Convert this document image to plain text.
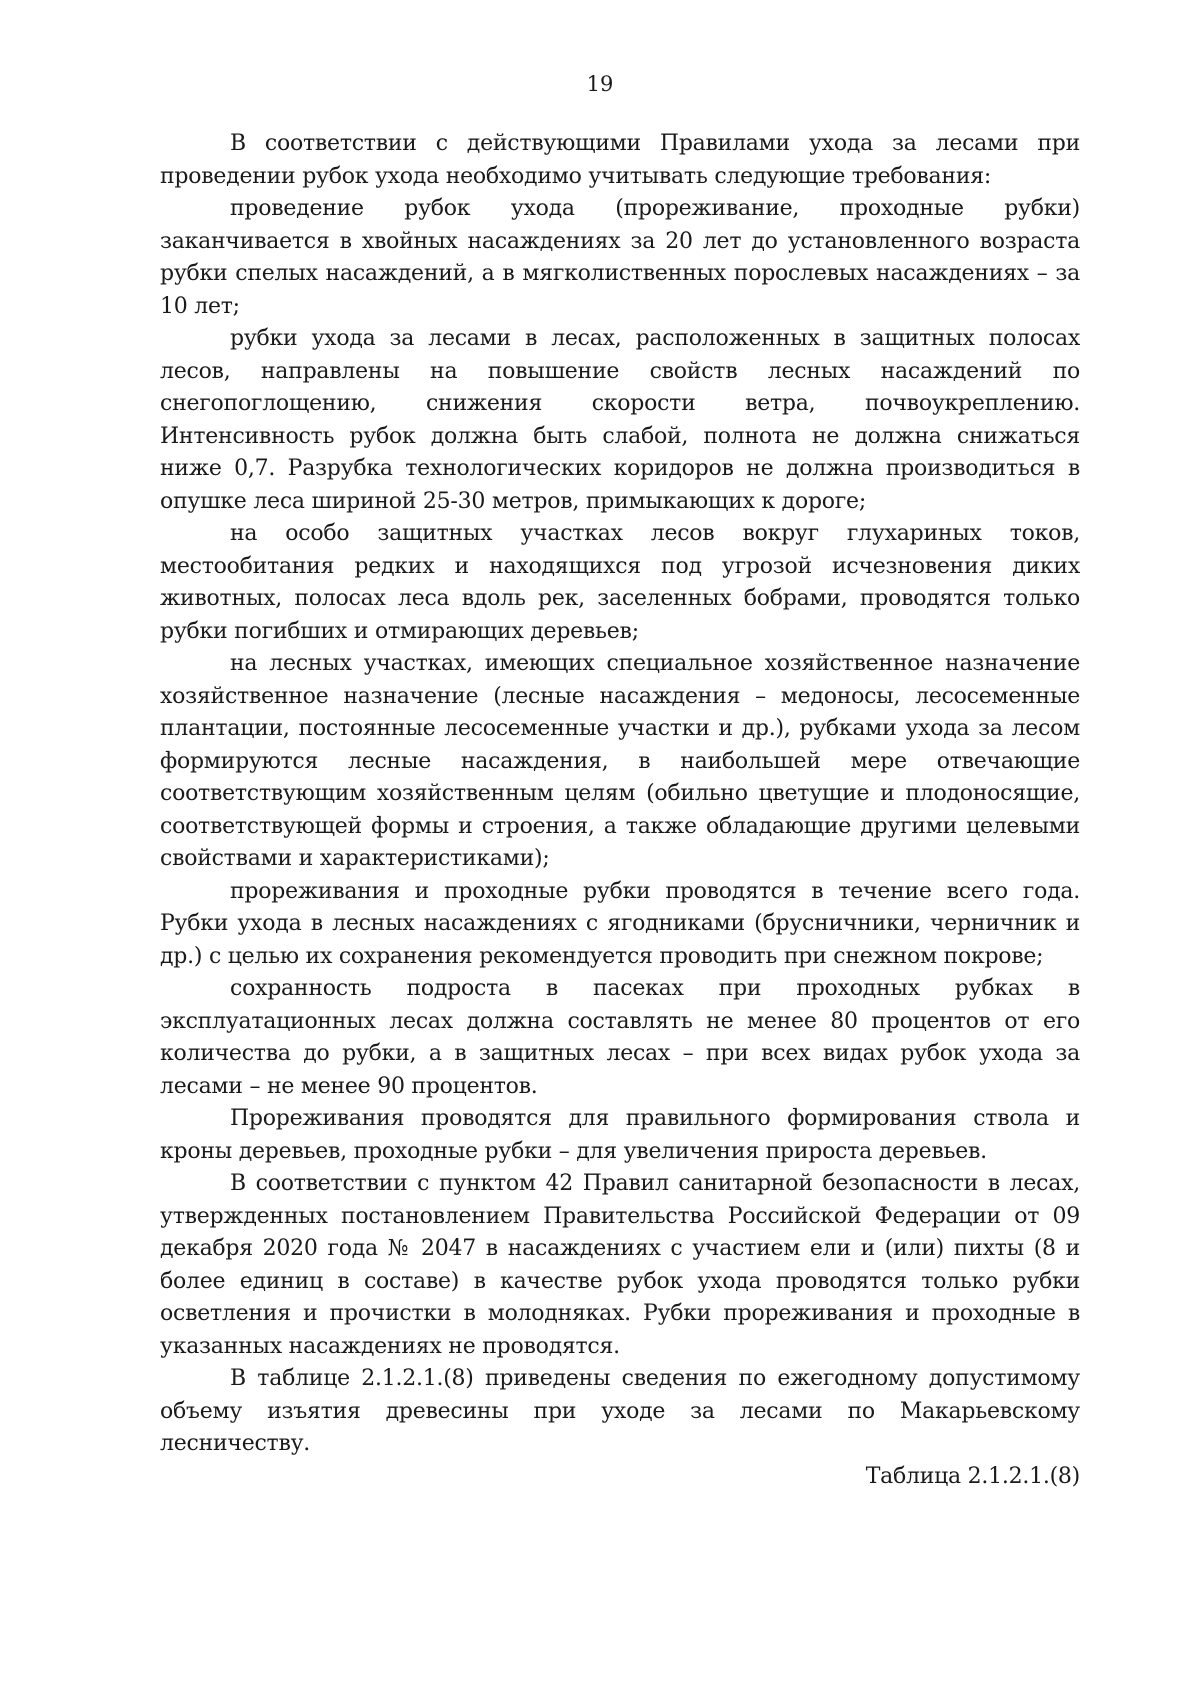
19

В соответствии с действующими Правилами ухода за лесами при проведении рубок ухода необходимо учитывать следующие требования:

проведение рубок ухода (прореживание, проходные рубки) заканчивается в хвойных насаждениях за 20 лет до установленного возраста рубки спелых насаждений, а в мягколиственных порослевых насаждениях – за 10 лет;

рубки ухода за лесами в лесах, расположенных в защитных полосах лесов, направлены на повышение свойств лесных насаждений по снегопоглощению, снижения скорости ветра, почвоукреплению. Интенсивность рубок должна быть слабой, полнота не должна снижаться ниже 0,7. Разрубка технологических коридоров не должна производиться в опушке леса шириной 25-30 метров, примыкающих к дороге;

на особо защитных участках лесов вокруг глухариных токов, местообитания редких и находящихся под угрозой исчезновения диких животных, полосах леса вдоль рек, заселенных бобрами, проводятся только рубки погибших и отмирающих деревьев;

на лесных участках, имеющих специальное хозяйственное назначение хозяйственное назначение (лесные насаждения – медоносы, лесосеменные плантации, постоянные лесосеменные участки и др.), рубками ухода за лесом формируются лесные насаждения, в наибольшей мере отвечающие соответствующим хозяйственным целям (обильно цветущие и плодоносящие, соответствующей формы и строения, а также обладающие другими целевыми свойствами и характеристиками);

прореживания и проходные рубки проводятся в течение всего года. Рубки ухода в лесных насаждениях с ягодниками (брусничники, черничник и др.) с целью их сохранения рекомендуется проводить при снежном покрове;

сохранность подроста в пасеках при проходных рубках в эксплуатационных лесах должна составлять не менее 80 процентов от его количества до рубки, а в защитных лесах – при всех видах рубок ухода за лесами – не менее 90 процентов.

Прореживания проводятся для правильного формирования ствола и кроны деревьев, проходные рубки – для увеличения прироста деревьев.

В соответствии с пунктом 42 Правил санитарной безопасности в лесах, утвержденных постановлением Правительства Российской Федерации от 09 декабря 2020 года № 2047 в насаждениях с участием ели и (или) пихты (8 и более единиц в составе) в качестве рубок ухода проводятся только рубки осветления и прочистки в молодняках. Рубки прореживания и проходные в указанных насаждениях не проводятся.

В таблице 2.1.2.1.(8) приведены сведения по ежегодному допустимому объему изъятия древесины при уходе за лесами по Макарьевскому лесничеству.

Таблица 2.1.2.1.(8)
